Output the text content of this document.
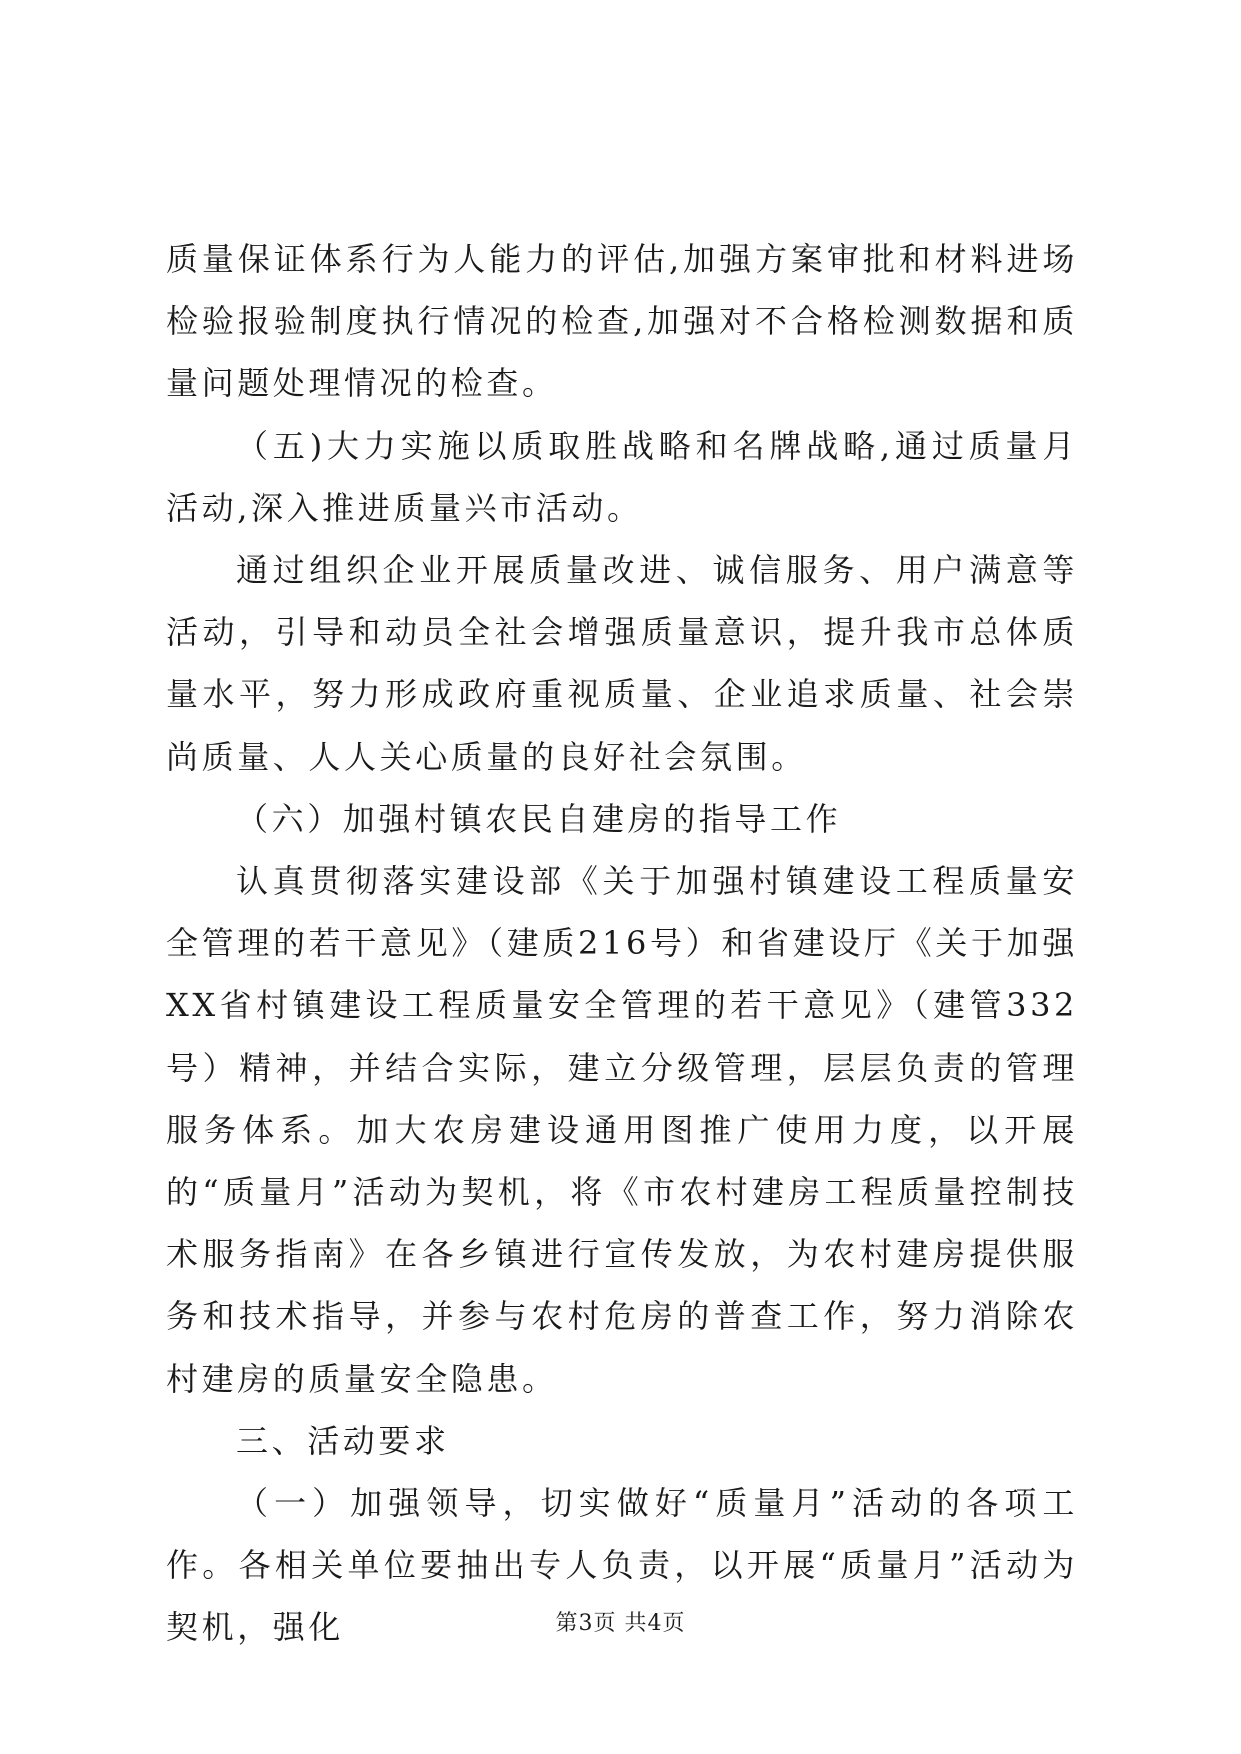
质量保证体系行为人能力的评估,加强方案审批和材料进场检验报验制度执行情况的检查,加强对不合格检测数据和质量问题处理情况的检查。

（五)大力实施以质取胜战略和名牌战略,通过质量月活动,深入推进质量兴市活动。

通过组织企业开展质量改进、诚信服务、用户满意等活动，引导和动员全社会增强质量意识，提升我市总体质量水平，努力形成政府重视质量、企业追求质量、社会崇尚质量、人人关心质量的良好社会氛围。

（六）加强村镇农民自建房的指导工作

认真贯彻落实建设部《关于加强村镇建设工程质量安全管理的若干意见》（建质216号）和省建设厅《关于加强XX省村镇建设工程质量安全管理的若干意见》（建管332号）精神，并结合实际，建立分级管理，层层负责的管理服务体系。加大农房建设通用图推广使用力度，以开展的“质量月”活动为契机，将《市农村建房工程质量控制技术服务指南》在各乡镇进行宣传发放，为农村建房提供服务和技术指导，并参与农村危房的普查工作，努力消除农村建房的质量安全隐患。

三、活动要求

（一）加强领导，切实做好“质量月”活动的各项工作。各相关单位要抽出专人负责，以开展“质量月”活动为契机，强化	第3页 共4页
